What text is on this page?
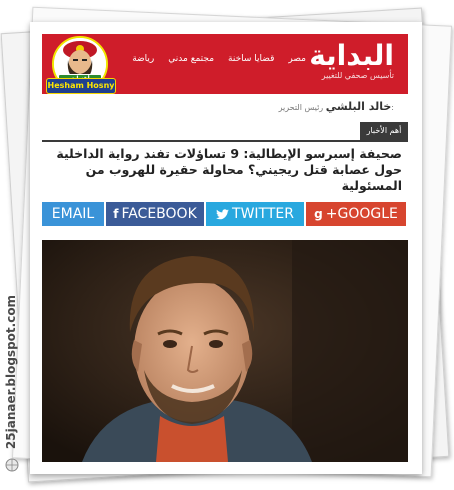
Hesham Hosny
مصر
قضايا ساخنة
مجتمع مدني
رياضة	البداية
تأسيس صحفي للتغيير
خالد البلشي رئيس التحرير:
أهم الأخبار
صحيفة إسبرسو الإيطالية: 9 تساؤلات تفند رواية الداخلية حول عصابة قتل ريجيني؟ محاولة حقيرة للهروب من المسئولية
EMAIL f FACEBOOK	TWITTER g +GOOGLE
25janaer.blogspot.com
